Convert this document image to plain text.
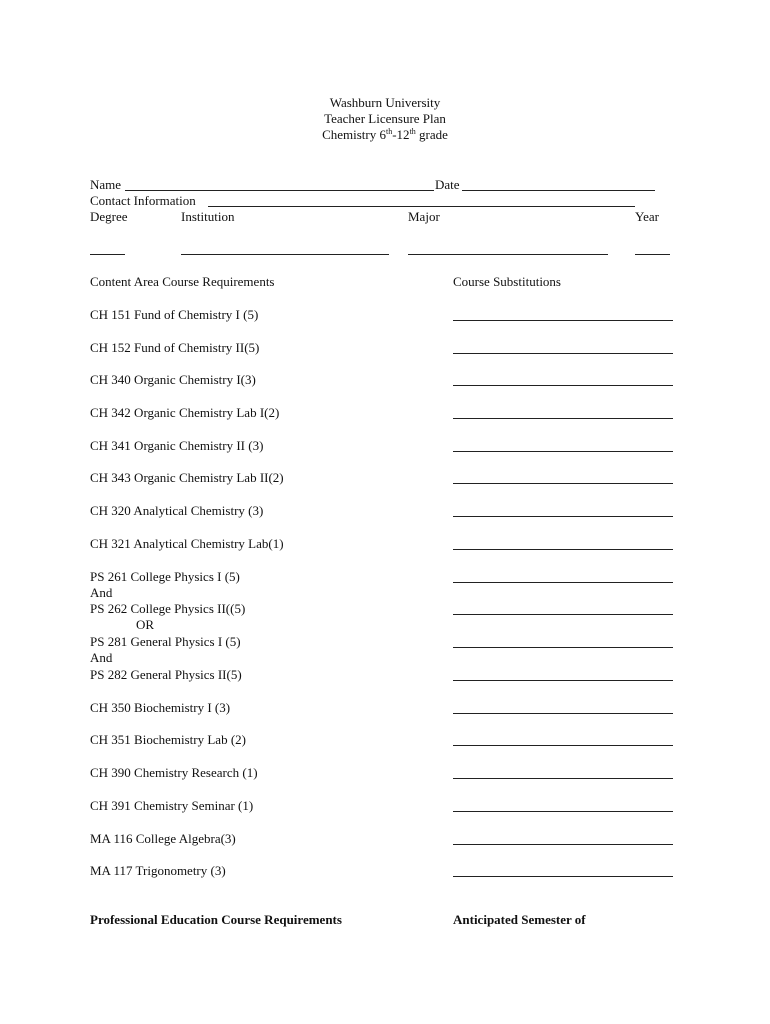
Washburn University
Teacher Licensure Plan
Chemistry 6th-12th grade
Name	Date
Contact Information
Degree	Institution	Major	Year
Content Area Course Requirements	Course Substitutions
CH 151 Fund of Chemistry I (5)
CH 152 Fund of Chemistry II(5)
CH 340 Organic Chemistry I(3)
CH 342 Organic Chemistry Lab I(2)
CH 341 Organic Chemistry II (3)
CH 343 Organic Chemistry Lab II(2)
CH 320 Analytical Chemistry (3)
CH 321 Analytical Chemistry Lab(1)
PS 261 College Physics I (5)
And
PS 262 College Physics II((5)
OR
PS 281 General Physics I (5)
And
PS 282 General Physics II(5)
CH 350 Biochemistry I (3)
CH 351 Biochemistry Lab (2)
CH 390 Chemistry Research (1)
CH 391 Chemistry Seminar (1)
MA 116 College Algebra(3)
MA 117 Trigonometry (3)
Professional Education Course Requirements	Anticipated Semester of
